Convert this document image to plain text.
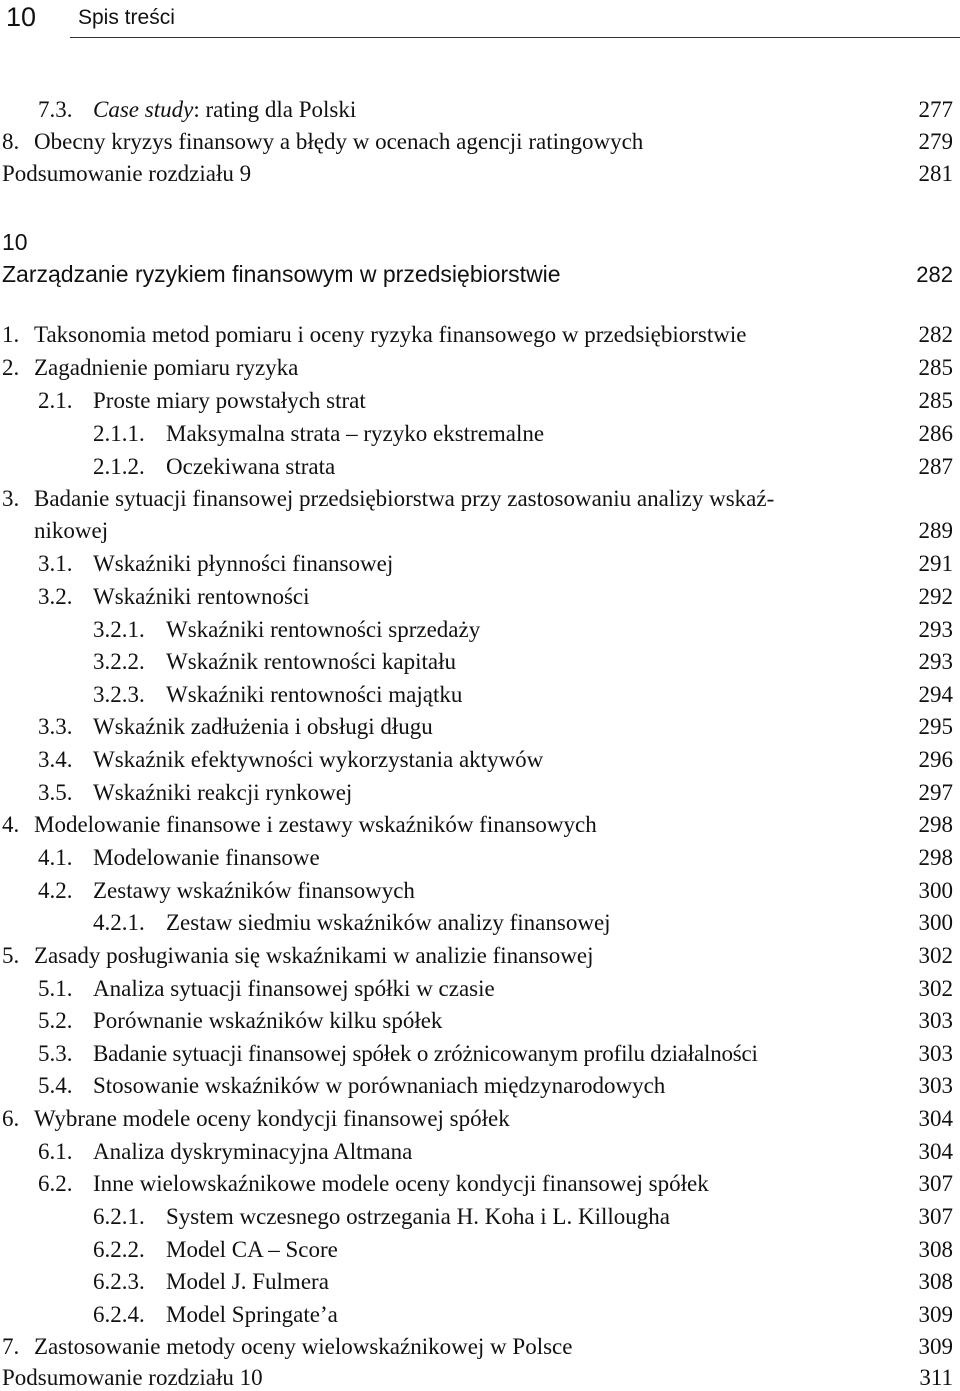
10 Spis treści
7.3. Case study: rating dla Polski	277
8. Obecny kryzys finansowy a błędy w ocenach agencji ratingowych	279
Podsumowanie rozdziału 9	281
10
Zarządzanie ryzykiem finansowym w przedsiębiorstwie	282
1. Taksonomia metod pomiaru i oceny ryzyka finansowego w przedsiębiorstwie	282
2. Zagadnienie pomiaru ryzyka	285
2.1. Proste miary powstałych strat	285
2.1.1. Maksymalna strata – ryzyko ekstremalne	286
2.1.2. Oczekiwana strata	287
3. Badanie sytuacji finansowej przedsiębiorstwa przy zastosowaniu analizy wskaź-
nikowej	289
3.1. Wskaźniki płynności finansowej	291
3.2. Wskaźniki rentowności	292
3.2.1. Wskaźniki rentowności sprzedaży	293
3.2.2. Wskaźnik rentowności kapitału	293
3.2.3. Wskaźniki rentowności majątku	294
3.3. Wskaźnik zadłużenia i obsługi długu	295
3.4. Wskaźnik efektywności wykorzystania aktywów	296
3.5. Wskaźniki reakcji rynkowej	297
4. Modelowanie finansowe i zestawy wskaźników finansowych	298
4.1. Modelowanie finansowe	298
4.2. Zestawy wskaźników finansowych	300
4.2.1. Zestaw siedmiu wskaźników analizy finansowej	300
5. Zasady posługiwania się wskaźnikami w analizie finansowej	302
5.1. Analiza sytuacji finansowej spółki w czasie	302
5.2. Porównanie wskaźników kilku spółek	303
5.3. Badanie sytuacji finansowej spółek o zróżnicowanym profilu działalności	303
5.4. Stosowanie wskaźników w porównaniach międzynarodowych	303
6. Wybrane modele oceny kondycji finansowej spółek	304
6.1. Analiza dyskryminacyjna Altmana	304
6.2. Inne wielowskaźnikowe modele oceny kondycji finansowej spółek	307
6.2.1. System wczesnego ostrzegania H. Koha i L. Killougha	307
6.2.2. Model CA – Score	308
6.2.3. Model J. Fulmera	308
6.2.4. Model Springate’a	309
7. Zastosowanie metody oceny wielowskaźnikowej w Polsce	309
Podsumowanie rozdziału 10	311
